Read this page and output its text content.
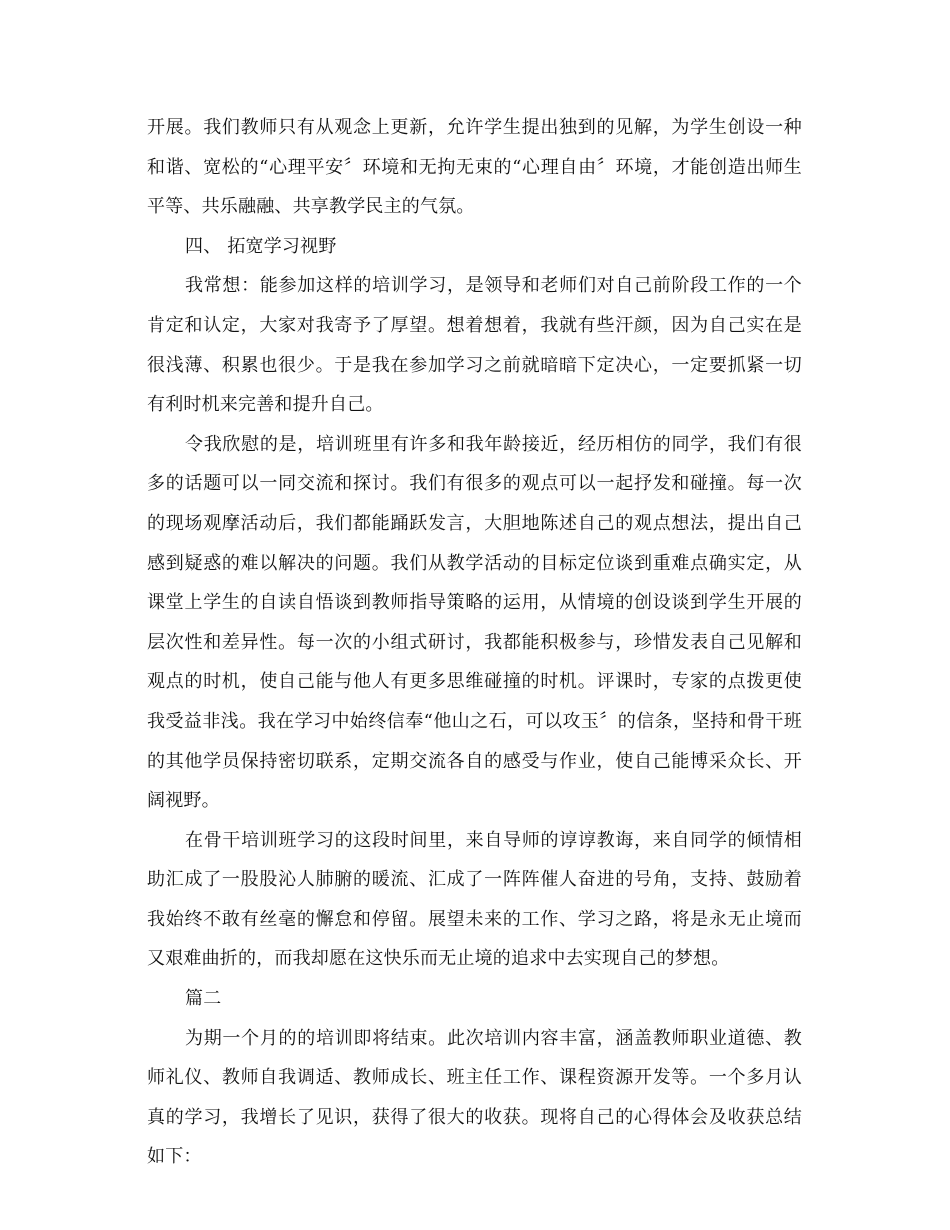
开展。我们教师只有从观念上更新，允许学生提出独到的见解，为学生创设一种和谐、宽松的“心理平安〞环境和无拘无束的“心理自由〞环境，才能创造出师生平等、共乐融融、共享教学民主的气氛。

四、 拓宽学习视野

我常想：能参加这样的培训学习，是领导和老师们对自己前阶段工作的一个肯定和认定，大家对我寄予了厚望。想着想着，我就有些汗颜，因为自己实在是很浅薄、积累也很少。于是我在参加学习之前就暗暗下定决心，一定要抓紧一切有利时机来完善和提升自己。

令我欣慰的是，培训班里有许多和我年龄接近，经历相仿的同学，我们有很多的话题可以一同交流和探讨。我们有很多的观点可以一起抒发和碰撞。每一次的现场观摩活动后，我们都能踊跃发言，大胆地陈述自己的观点想法，提出自己感到疑惑的难以解决的问题。我们从教学活动的目标定位谈到重难点确实定，从课堂上学生的自读自悟谈到教师指导策略的运用，从情境的创设谈到学生开展的层次性和差异性。每一次的小组式研讨，我都能积极参与，珍惜发表自己见解和观点的时机，使自己能与他人有更多思维碰撞的时机。评课时，专家的点拨更使我受益非浅。我在学习中始终信奉“他山之石，可以攻玉〞的信条，坚持和骨干班的其他学员保持密切联系，定期交流各自的感受与作业，使自己能博采众长、开阔视野。

在骨干培训班学习的这段时间里，来自导师的谆谆教诲，来自同学的倾情相助汇成了一股股沁人肺腑的暖流、汇成了一阵阵催人奋进的号角，支持、鼓励着我始终不敢有丝毫的懈怠和停留。展望未来的工作、学习之路，将是永无止境而又艰难曲折的，而我却愿在这快乐而无止境的追求中去实现自己的梦想。

篇二

为期一个月的的培训即将结束。此次培训内容丰富，涵盖教师职业道德、教师礼仪、教师自我调适、教师成长、班主任工作、课程资源开发等。一个多月认真的学习，我增长了见识，获得了很大的收获。现将自己的心得体会及收获总结如下：
